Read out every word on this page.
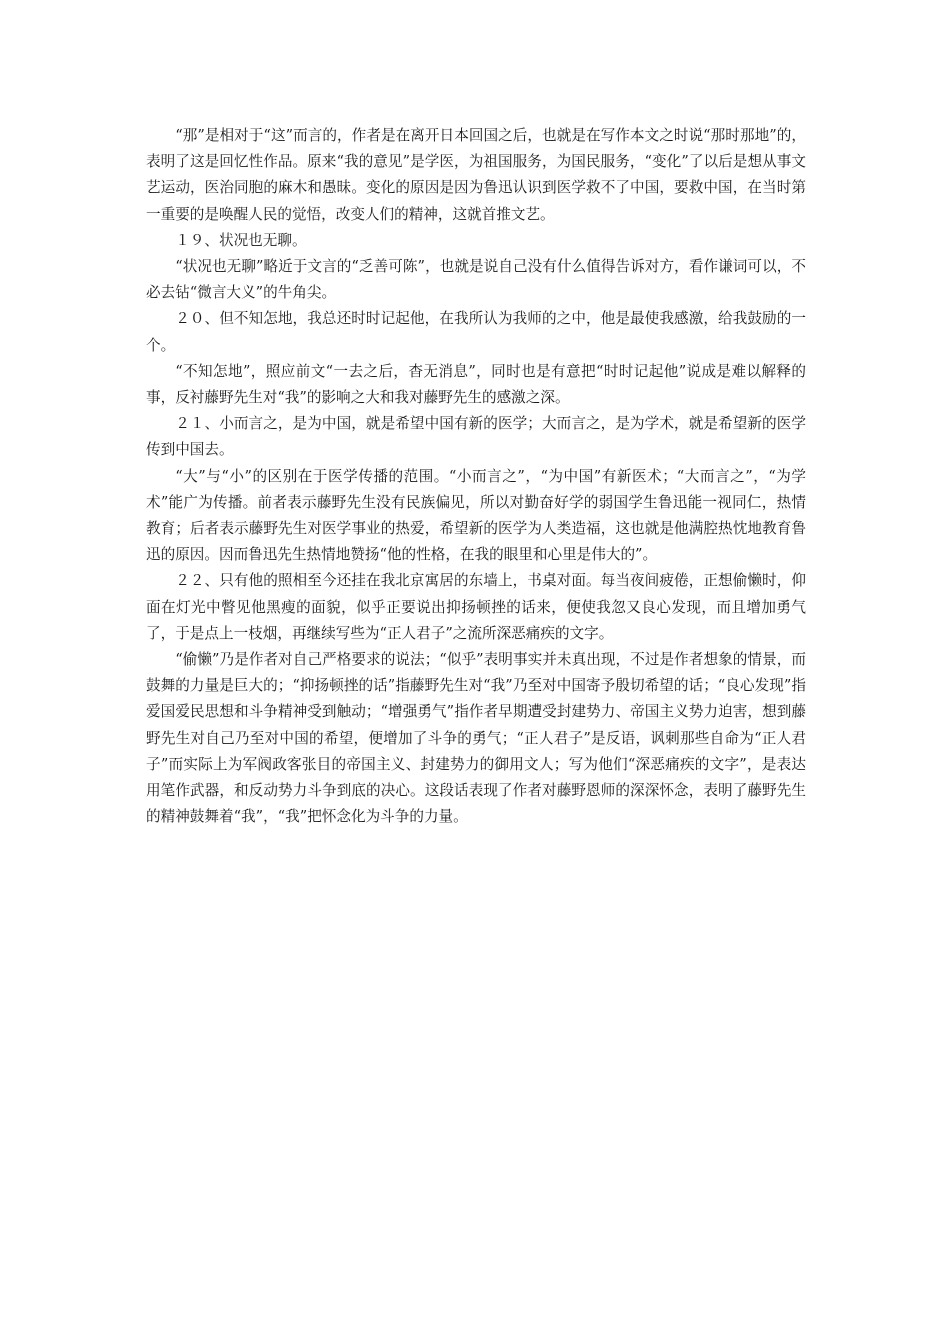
“那”是相对于“这”而言的，作者是在离开日本回国之后，也就是在写作本文之时说“那时那地”的，表明了这是回忆性作品。原来“我的意见”是学医，为祖国服务，为国民服务，“变化”了以后是想从事文艺运动，医治同胞的麻木和愚昧。变化的原因是因为鲁迅认识到医学救不了中国，要救中国，在当时第一重要的是唤醒人民的觉悟，改变人们的精神，这就首推文艺。

１９、状况也无聊。

“状况也无聊”略近于文言的“乏善可陈”，也就是说自己没有什么值得告诉对方，看作谦词可以，不必去钻“微言大义”的牛角尖。

２０、但不知怎地，我总还时时记起他，在我所认为我师的之中，他是最使我感激，给我鼓励的一个。

“不知怎地”，照应前文“一去之后，杳无消息”，同时也是有意把“时时记起他”说成是难以解释的事，反衬藤野先生对“我”的影响之大和我对藤野先生的感激之深。

２１、小而言之，是为中国，就是希望中国有新的医学；大而言之，是为学术，就是希望新的医学传到中国去。

“大”与“小”的区别在于医学传播的范围。“小而言之”，“为中国”有新医术；“大而言之”，“为学术”能广为传播。前者表示藤野先生没有民族偏见，所以对勤奋好学的弱国学生鲁迅能一视同仁，热情教育；后者表示藤野先生对医学事业的热爱，希望新的医学为人类造福，这也就是他满腔热忱地教育鲁迅的原因。因而鲁迅先生热情地赞扬“他的性格，在我的眼里和心里是伟大的”。

２２、只有他的照相至今还挂在我北京寓居的东墙上，书桌对面。每当夜间疲倦，正想偷懒时，仰面在灯光中瞥见他黑瘦的面貌，似乎正要说出抑扬顿挫的话来，便使我忽又良心发现，而且增加勇气了，于是点上一枝烟，再继续写些为“正人君子”之流所深恶痛疾的文字。

“偷懒”乃是作者对自己严格要求的说法；“似乎”表明事实并未真出现，不过是作者想象的情景，而鼓舞的力量是巨大的；“抑扬顿挫的话”指藤野先生对“我”乃至对中国寄予殷切希望的话；“良心发现”指爱国爱民思想和斗争精神受到触动；“增强勇气”指作者早期遭受封建势力、帝国主义势力迫害，想到藤野先生对自己乃至对中国的希望，便增加了斗争的勇气；“正人君子”是反语，讽刺那些自命为“正人君子”而实际上为军阀政客张目的帝国主义、封建势力的御用文人；写为他们“深恶痛疾的文字”，是表达用笔作武器，和反动势力斗争到底的决心。这段话表现了作者对藤野恩师的深深怀念，表明了藤野先生的精神鼓舞着“我”，“我”把怀念化为斗争的力量。
